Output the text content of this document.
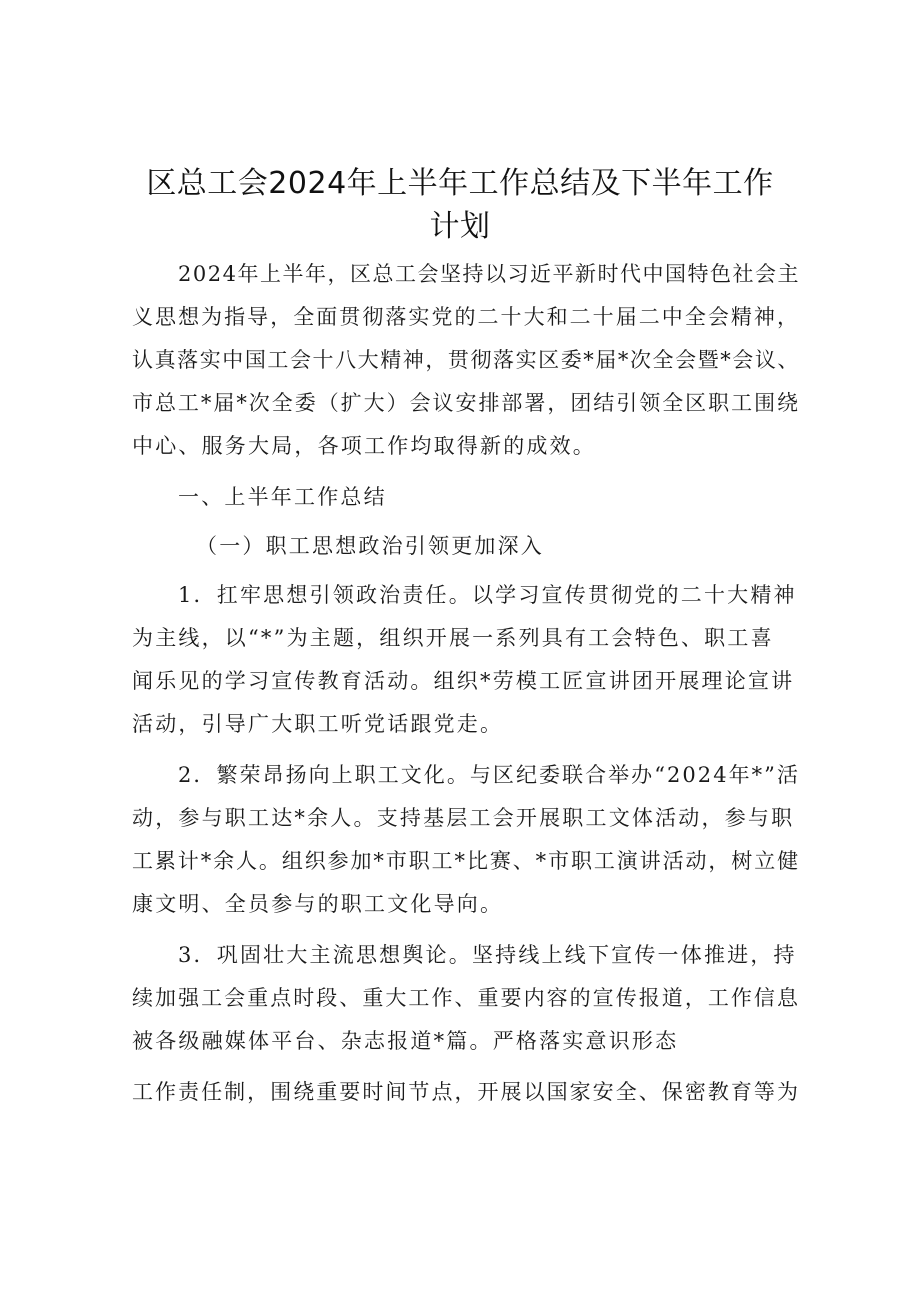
区总工会2024年上半年工作总结及下半年工作
计划
2024年上半年，区总工会坚持以习近平新时代中国特色社会主
义思想为指导，全面贯彻落实党的二十大和二十届二中全会精神，
认真落实中国工会十八大精神，贯彻落实区委*届*次全会暨*会议、
市总工*届*次全委（扩大）会议安排部署，团结引领全区职工围绕
中心、服务大局，各项工作均取得新的成效。
一、上半年工作总结
（一）职工思想政治引领更加深入
1．扛牢思想引领政治责任。以学习宣传贯彻党的二十大精神
为主线，以“*”为主题，组织开展一系列具有工会特色、职工喜
闻乐见的学习宣传教育活动。组织*劳模工匠宣讲团开展理论宣讲
活动，引导广大职工听党话跟党走。
2．繁荣昂扬向上职工文化。与区纪委联合举办“2024年*”活
动，参与职工达*余人。支持基层工会开展职工文体活动，参与职
工累计*余人。组织参加*市职工*比赛、*市职工演讲活动，树立健
康文明、全员参与的职工文化导向。
3．巩固壮大主流思想舆论。坚持线上线下宣传一体推进，持
续加强工会重点时段、重大工作、重要内容的宣传报道，工作信息
被各级融媒体平台、杂志报道*篇。严格落实意识形态
工作责任制，围绕重要时间节点，开展以国家安全、保密教育等为
